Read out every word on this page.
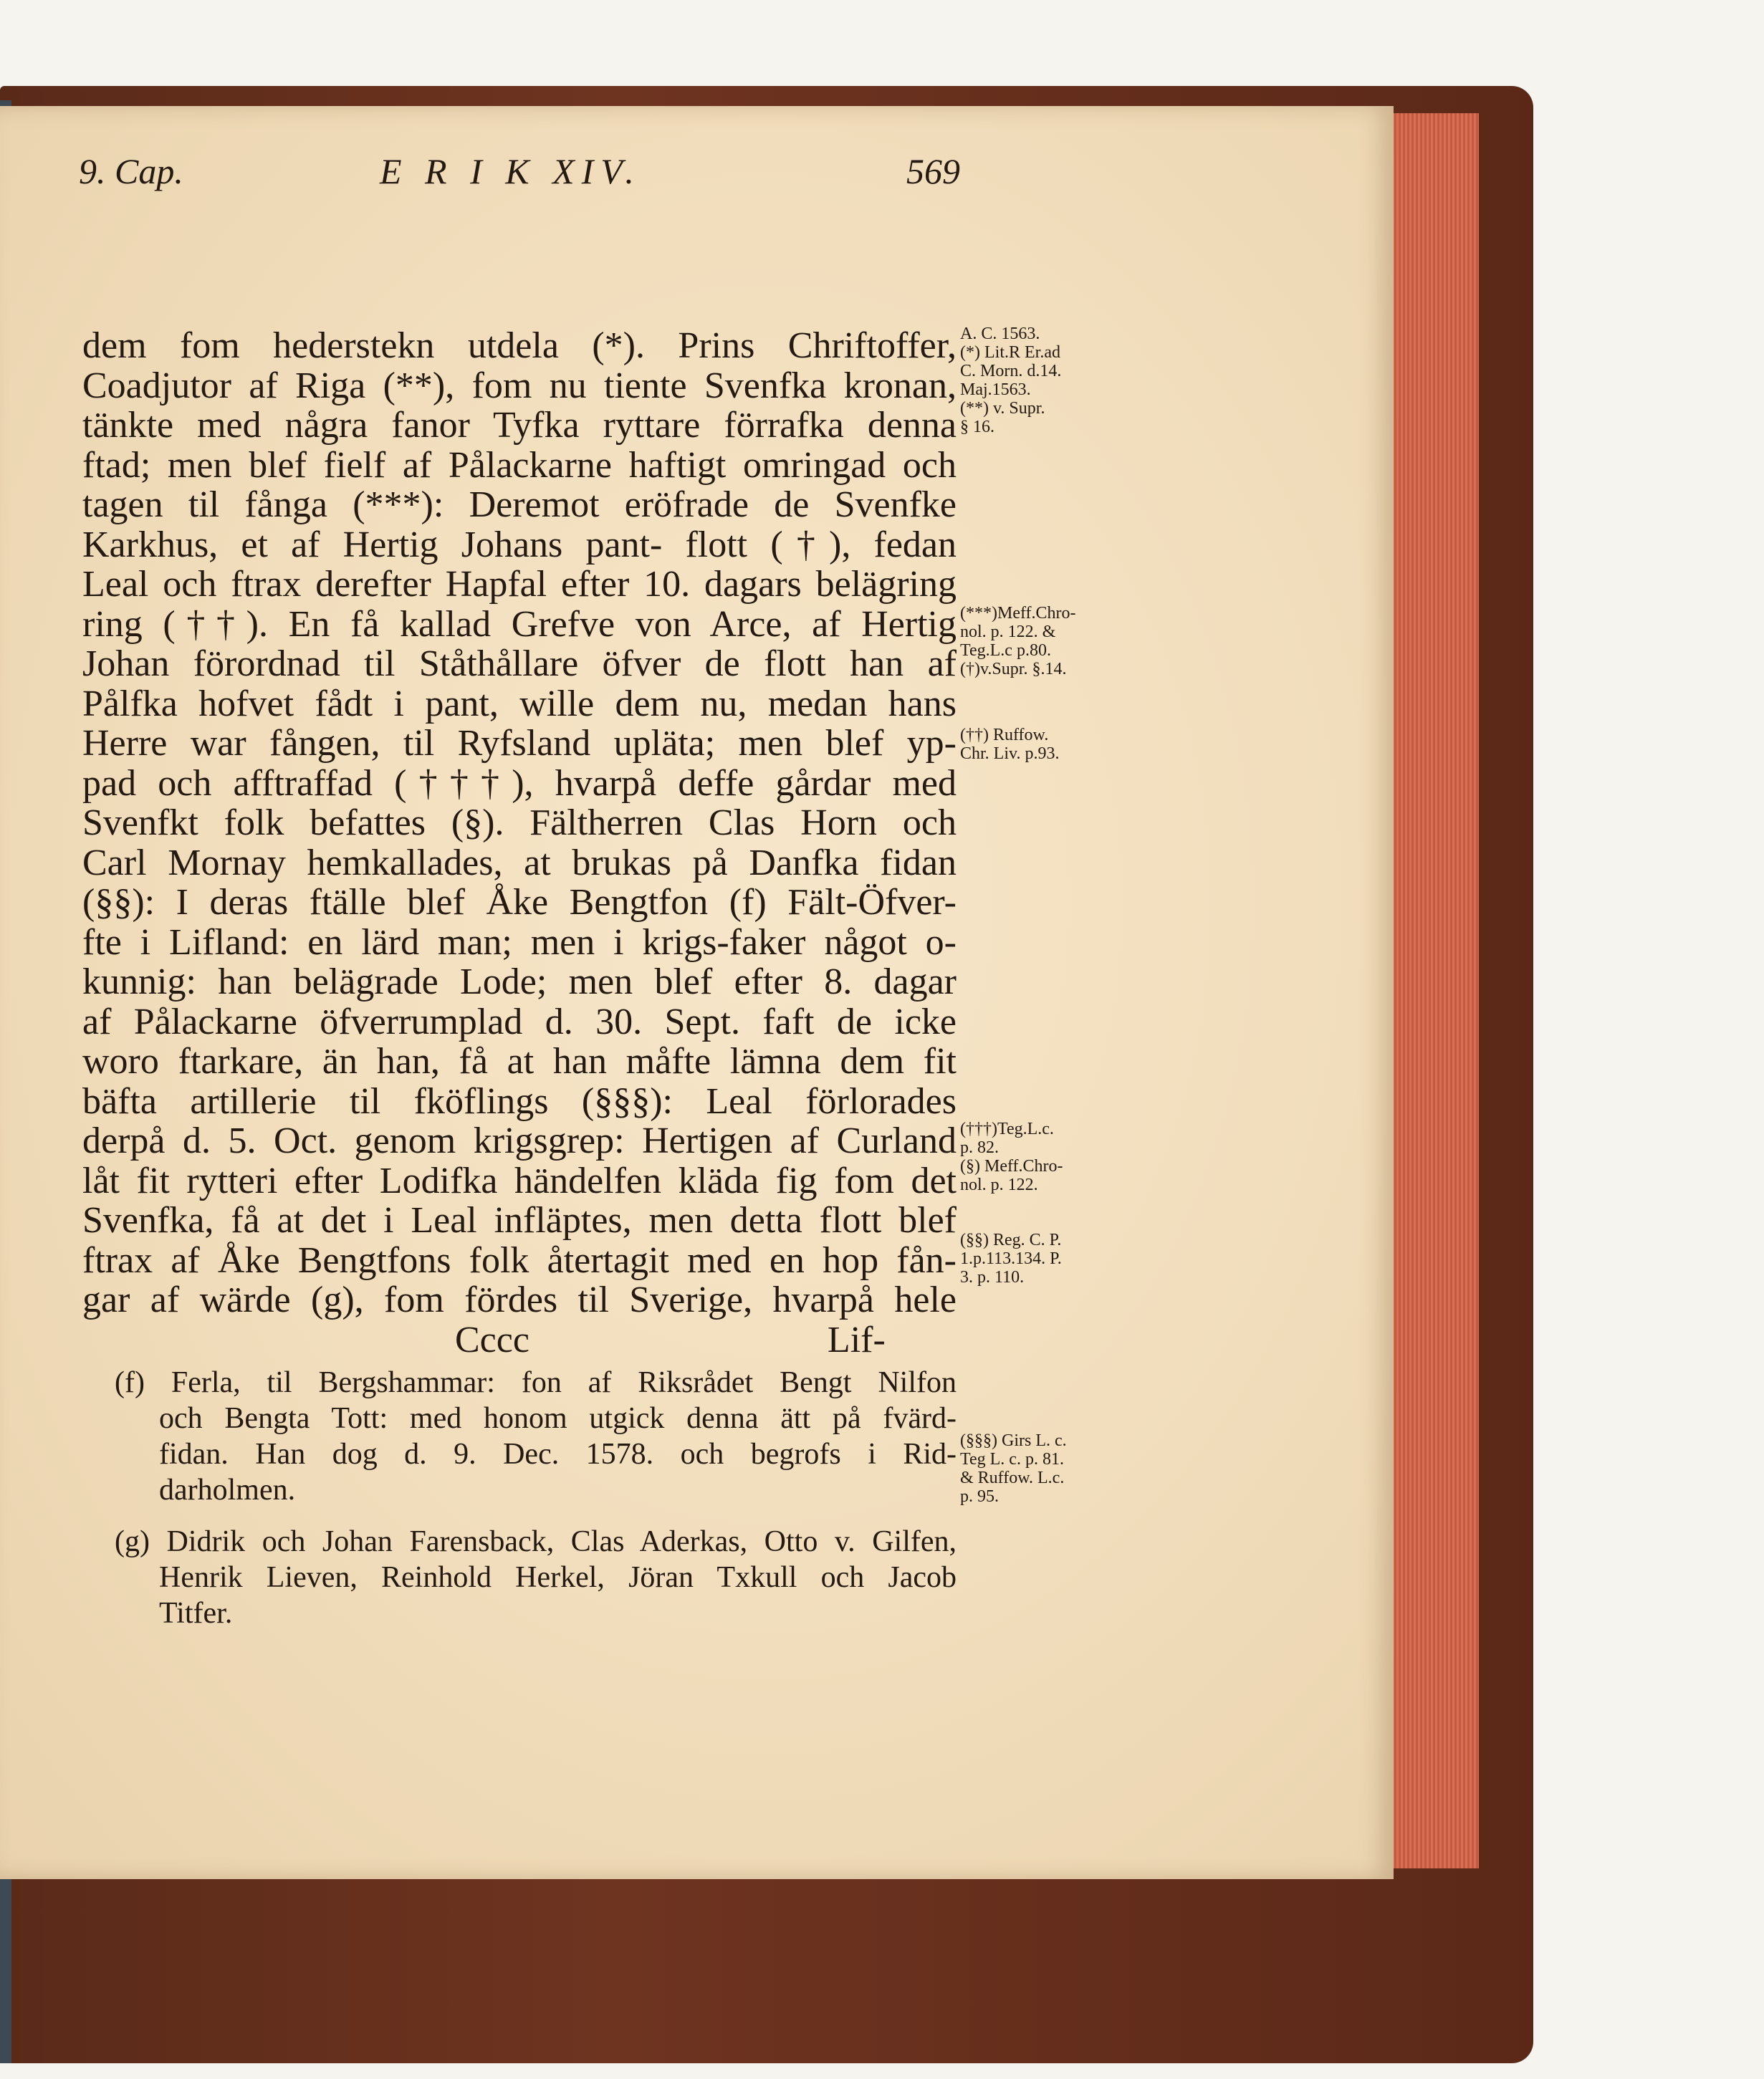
9. Cap.	E R I K XIV.	569
dem fom hederstekn utdela (*). Prins Chriftoffer,
Coadjutor af Riga (**), fom nu tiente Svenfka kronan,
tänkte med några fanor Tyfka ryttare förrafka denna
ftad; men blef fielf af Pålackarne haftigt omringad och
tagen til fånga (***): Deremot eröfrade de Svenfke
Karkhus, et af Hertig Johans pant- flott (†), fedan
Leal och ftrax derefter Hapfal efter 10. dagars belägring
ring (††). En få kallad Grefve von Arce, af Hertig
Johan förordnad til Ståthållare öfver de flott han af
Pålfka hofvet fådt i pant, wille dem nu, medan hans
Herre war fången, til Ryfsland upläta; men blef yp-
pad och afftraffad (†††), hvarpå deffe gårdar med
Svenfkt folk befattes (§). Fältherren Clas Horn och
Carl Mornay hemkallades, at brukas på Danfka fidan
(§§): I deras ftälle blef Åke Bengtfon (f) Fält-Öfver-
fte i Lifland: en lärd man; men i krigs-faker något o-
kunnig: han belägrade Lode; men blef efter 8. dagar
af Pålackarne öfverrumplad d. 30. Sept. faft de icke
woro ftarkare, än han, få at han måfte lämna dem fit
bäfta artillerie til fköflings (§§§): Leal förlorades
derpå d. 5. Oct. genom krigsgrep: Hertigen af Curland
låt fit rytteri efter Lodifka händelfen kläda fig fom det
Svenfka, få at det i Leal infläptes, men detta flott blef
ftrax af Åke Bengtfons folk återtagit med en hop fån-
gar af wärde (g), fom fördes til Sverige, hvarpå hele
Cccc                                Lif-
A. C. 1563.
(*) Lit.R Er.ad
C. Morn. d.14.
Maj.1563.
(**) v. Supr.
§ 16.
(***)Meff.Chro-
nol. p. 122. &
Teg.L.c p.80.
(†)v.Supr. §.14.
(††) Ruffow.
Chr. Liv. p.93.
(†††)Teg.L.c.
p. 82.
(§) Meff.Chro-
nol. p. 122.
(§§) Reg. C. P.
1.p.113.134. P.
3. p. 110.
(§§§) Girs L. c.
Teg L. c. p. 81.
& Ruffow. L.c.
p. 95.
(f) Ferla, til Bergshammar: fon af Riksrådet Bengt Nilfon
och Bengta Tott: med honom utgick denna ätt på fvärd-
fidan. Han dog d. 9. Dec. 1578. och begrofs i Rid-
darholmen.
(g) Didrik och Johan Farensback, Clas Aderkas, Otto v. Gilfen,
Henrik Lieven, Reinhold Herkel, Jöran Txkull och Jacob
Titfer.
